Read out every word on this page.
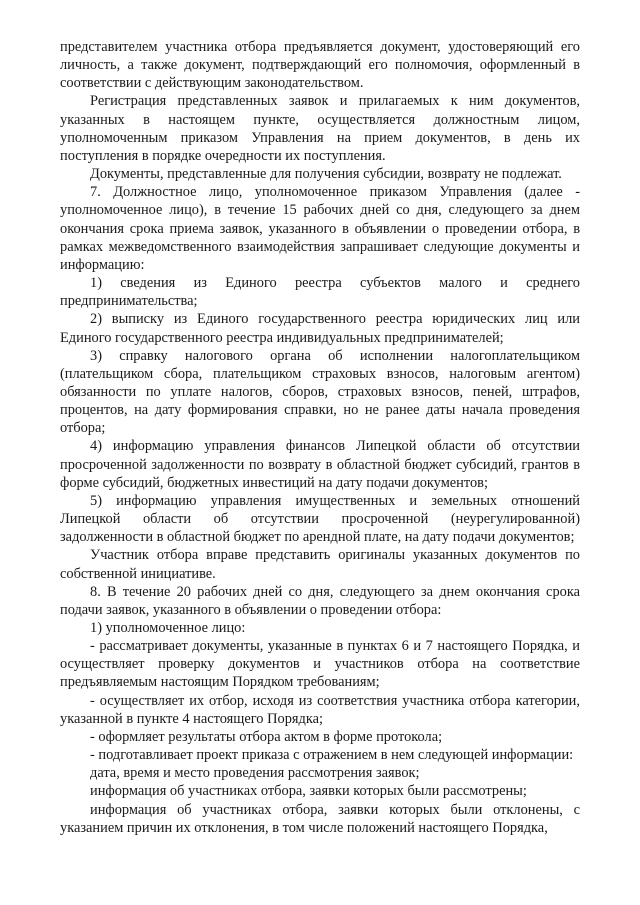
представителем участника отбора предъявляется документ, удостоверяющий его личность, а также документ, подтверждающий его полномочия, оформленный в соответствии с действующим законодательством.

Регистрация представленных заявок и прилагаемых к ним документов, указанных в настоящем пункте, осуществляется должностным лицом, уполномоченным приказом Управления на прием документов, в день их поступления в порядке очередности их поступления.

Документы, представленные для получения субсидии, возврату не подлежат.

7. Должностное лицо, уполномоченное приказом Управления (далее - уполномоченное лицо), в течение 15 рабочих дней со дня, следующего за днем окончания срока приема заявок, указанного в объявлении о проведении отбора, в рамках межведомственного взаимодействия запрашивает следующие документы и информацию:

1) сведения из Единого реестра субъектов малого и среднего предпринимательства;

2) выписку из Единого государственного реестра юридических лиц или Единого государственного реестра индивидуальных предпринимателей;

3) справку налогового органа об исполнении налогоплательщиком (плательщиком сбора, плательщиком страховых взносов, налоговым агентом) обязанности по уплате налогов, сборов, страховых взносов, пеней, штрафов, процентов, на дату формирования справки, но не ранее даты начала проведения отбора;

4) информацию управления финансов Липецкой области об отсутствии просроченной задолженности по возврату в областной бюджет субсидий, грантов в форме субсидий, бюджетных инвестиций на дату подачи документов;

5) информацию управления имущественных и земельных отношений Липецкой области об отсутствии просроченной (неурегулированной) задолженности в областной бюджет по арендной плате, на дату подачи документов;

Участник отбора вправе представить оригиналы указанных документов по собственной инициативе.

8. В течение 20 рабочих дней со дня, следующего за днем окончания срока подачи заявок, указанного в объявлении о проведении отбора:

1) уполномоченное лицо:

- рассматривает документы, указанные в пунктах 6 и 7 настоящего Порядка, и осуществляет проверку документов и участников отбора на соответствие предъявляемым настоящим Порядком требованиям;

- осуществляет их отбор, исходя из соответствия участника отбора категории, указанной в пункте 4 настоящего Порядка;

- оформляет результаты отбора актом в форме протокола;

- подготавливает проект приказа с отражением в нем следующей информации:

дата, время и место проведения рассмотрения заявок;

информация об участниках отбора, заявки которых были рассмотрены;

информация об участниках отбора, заявки которых были отклонены, с указанием причин их отклонения, в том числе положений настоящего Порядка,
